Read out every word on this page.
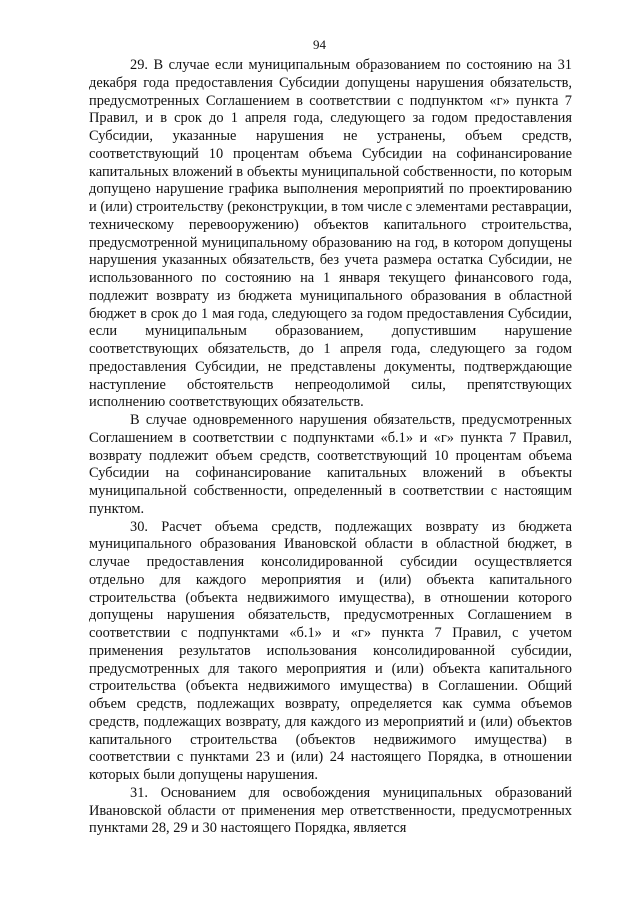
94

29. В случае если муниципальным образованием по состоянию на 31 декабря года предоставления Субсидии допущены нарушения обязательств, предусмотренных Соглашением в соответствии с подпунктом «г» пункта 7 Правил, и в срок до 1 апреля года, следующего за годом предоставления Субсидии, указанные нарушения не устранены, объем средств, соответствующий 10 процентам объема Субсидии на софинансирование капитальных вложений в объекты муниципальной собственности, по которым допущено нарушение графика выполнения мероприятий по проектированию и (или) строительству (реконструкции, в том числе с элементами реставрации, техническому перевооружению) объектов капитального строительства, предусмотренной муниципальному образованию на год, в котором допущены нарушения указанных обязательств, без учета размера остатка Субсидии, не использованного по состоянию на 1 января текущего финансового года, подлежит возврату из бюджета муниципального образования в областной бюджет в срок до 1 мая года, следующего за годом предоставления Субсидии, если муниципальным образованием, допустившим нарушение соответствующих обязательств, до 1 апреля года, следующего за годом предоставления Субсидии, не представлены документы, подтверждающие наступление обстоятельств непреодолимой силы, препятствующих исполнению соответствующих обязательств.

В случае одновременного нарушения обязательств, предусмотренных Соглашением в соответствии с подпунктами «б.1» и «г» пункта 7 Правил, возврату подлежит объем средств, соответствующий 10 процентам объема Субсидии на софинансирование капитальных вложений в объекты муниципальной собственности, определенный в соответствии с настоящим пунктом.

30. Расчет объема средств, подлежащих возврату из бюджета муниципального образования Ивановской области в областной бюджет, в случае предоставления консолидированной субсидии осуществляется отдельно для каждого мероприятия и (или) объекта капитального строительства (объекта недвижимого имущества), в отношении которого допущены нарушения обязательств, предусмотренных Соглашением в соответствии с подпунктами «б.1» и «г» пункта 7 Правил, с учетом применения результатов использования консолидированной субсидии, предусмотренных для такого мероприятия и (или) объекта капитального строительства (объекта недвижимого имущества) в Соглашении. Общий объем средств, подлежащих возврату, определяется как сумма объемов средств, подлежащих возврату, для каждого из мероприятий и (или) объектов капитального строительства (объектов недвижимого имущества) в соответствии с пунктами 23 и (или) 24 настоящего Порядка, в отношении которых были допущены нарушения.

31. Основанием для освобождения муниципальных образований Ивановской области от применения мер ответственности, предусмотренных пунктами 28, 29 и 30 настоящего Порядка, является
